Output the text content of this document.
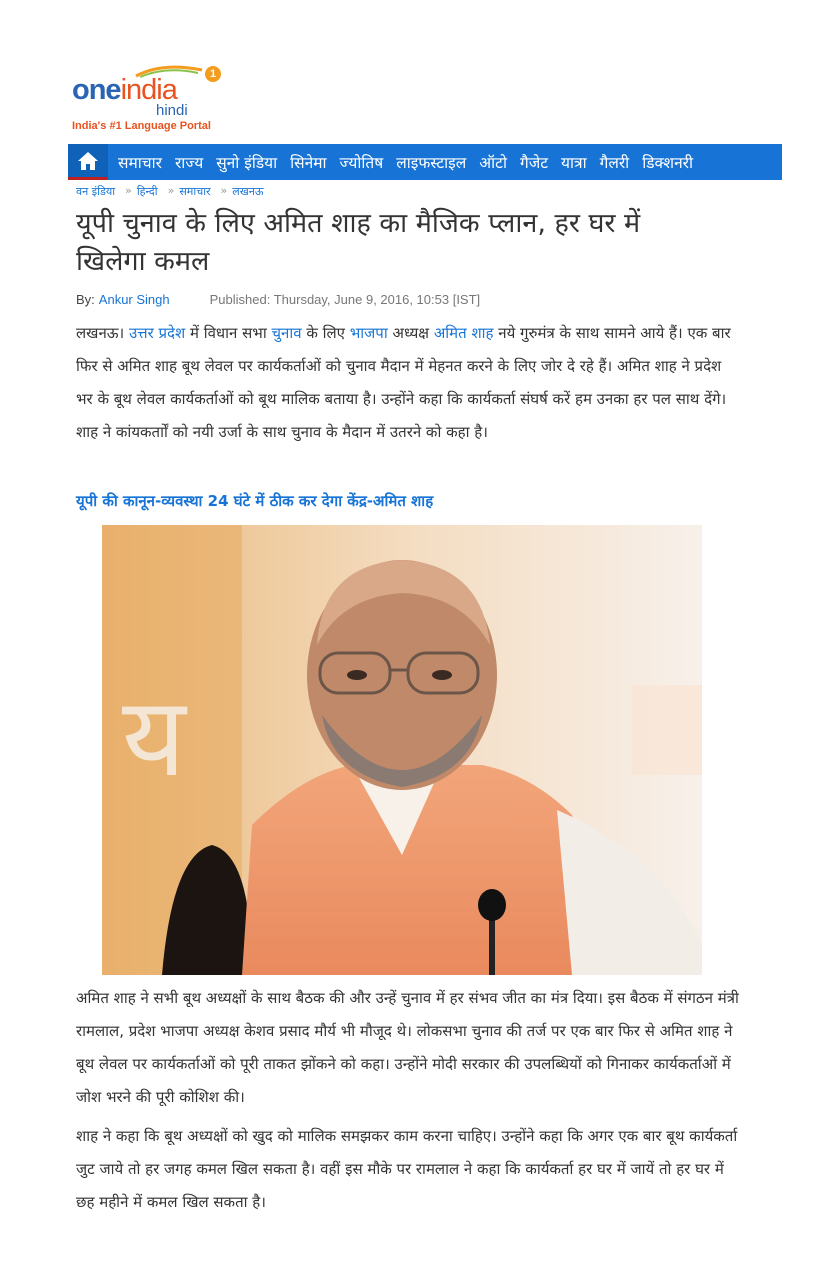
oneindia	1
hindi
India's #1 Language Portal
समाचार राज्य सुनो इंडिया सिनेमा ज्योतिष लाइफस्टाइल ऑटो गैजेट यात्रा गैलरी डिक्शनरी
वन इंडिया » हिन्दी » समाचार » लखनऊ
यूपी चुनाव के लिए अमित शाह का मैजिक प्लान, हर घर में खिलेगा कमल
By: Ankur Singh	Published: Thursday, June 9, 2016, 10:53 [IST]

लखनऊ। उत्तर प्रदेश में विधान सभा चुनाव के लिए भाजपा अध्यक्ष अमित शाह नये गुरुमंत्र के साथ सामने आये हैं। एक बार फिर से अमित शाह बूथ लेवल पर कार्यकर्ताओं को चुनाव मैदान में मेहनत करने के लिए जोर दे रहे हैं। अमित शाह ने प्रदेश भर के बूथ लेवल कार्यकर्ताओं को बूथ मालिक बताया है। उन्होंने कहा कि कार्यकर्ता संघर्ष करें हम उनका हर पल साथ देंगे। शाह ने कांयकर्ताों को नयी उर्जा के साथ चुनाव के मैदान में उतरने को कहा है।

यूपी की कानून-व्यवस्था 24 घंटे में ठीक कर देगा केंद्र-अमित शाह
य

अमित शाह ने सभी बूथ अध्यक्षों के साथ बैठक की और उन्हें चुनाव में हर संभव जीत का मंत्र दिया। इस बैठक में संगठन मंत्री रामलाल, प्रदेश भाजपा अध्यक्ष केशव प्रसाद मौर्य भी मौजूद थे। लोकसभा चुनाव की तर्ज पर एक बार फिर से अमित शाह ने बूथ लेवल पर कार्यकर्ताओं को पूरी ताकत झोंकने को कहा। उन्होंने मोदी सरकार की उपलब्धियों को गिनाकर कार्यकर्ताओं में जोश भरने की पूरी कोशिश की।

शाह ने कहा कि बूथ अध्यक्षों को खुद को मालिक समझकर काम करना चाहिए। उन्होंने कहा कि अगर एक बार बूथ कार्यकर्ता जुट जाये तो हर जगह कमल खिल सकता है। वहीं इस मौके पर रामलाल ने कहा कि कार्यकर्ता हर घर में जायें तो हर घर में छह महीने में कमल खिल सकता है।
